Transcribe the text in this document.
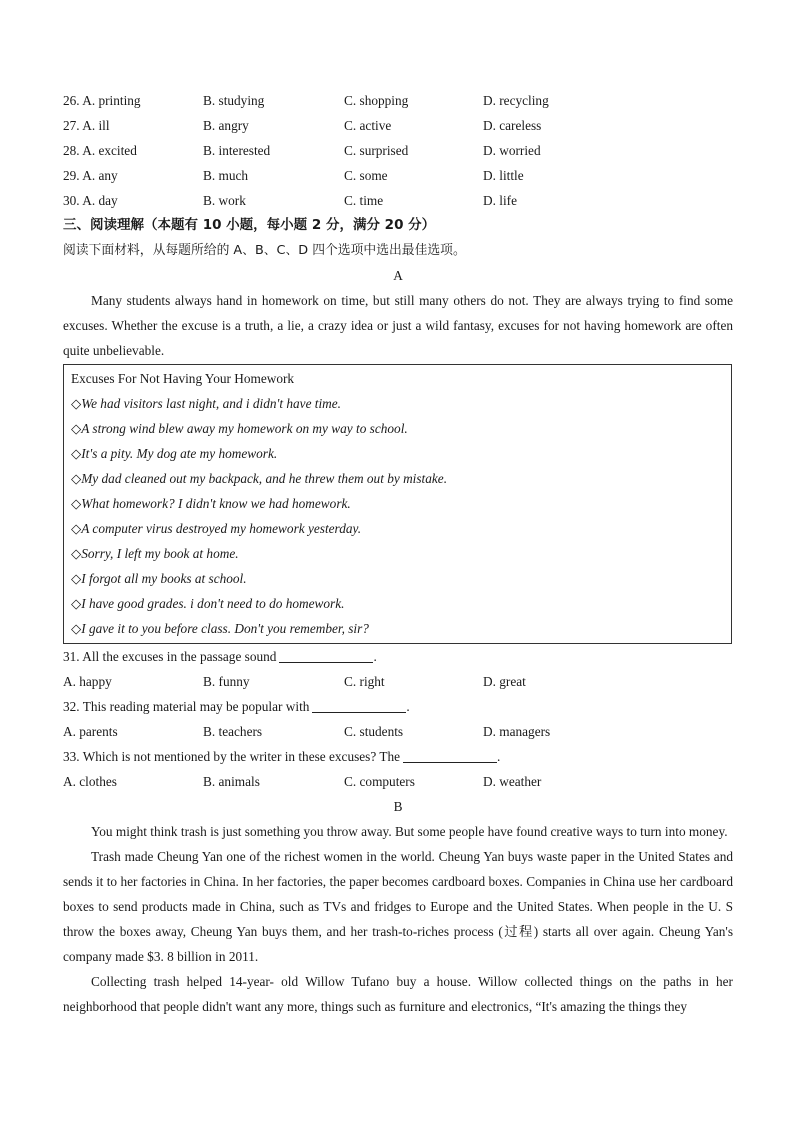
26. A. printing	B. studying	C. shopping	D. recycling
27. A. ill	B. angry	C. active	D. careless
28. A. excited	B. interested	C. surprised	D. worried
29. A. any	B. much	C. some	D. little
30. A. day	B. work	C. time	D. life
三、阅读理解（本题有 10 小题，每小题 2 分，满分 20 分）
阅读下面材料，从每题所给的 A、B、C、D 四个选项中选出最佳选项。
A

Many students always hand in homework on time, but still many others do not. They are always trying to find some excuses. Whether the excuse is a truth, a lie, a crazy idea or just a wild fantasy, excuses for not having homework are often quite unbelievable.

Excuses For Not Having Your Homework
◇We had visitors last night, and i didn't have time.
◇A strong wind blew away my homework on my way to school.
◇It's a pity. My dog ate my homework.
◇My dad cleaned out my backpack, and he threw them out by mistake.
◇What homework? I didn't know we had homework.
◇A computer virus destroyed my homework yesterday.
◇Sorry, I left my book at home.
◇I forgot all my books at school.
◇I have good grades. i don't need to do homework.
◇I gave it to you before class. Don't you remember, sir?
31. All the excuses in the passage sound	.
A. happy	B. funny	C. right	D. great
32. This reading material may be popular with	.
A. parents	B. teachers	C. students	D. managers
33. Which is not mentioned by the writer in these excuses? The	.
A. clothes	B. animals	C. computers	D. weather
B

You might think trash is just something you throw away. But some people have found creative ways to turn into money.

Trash made Cheung Yan one of the richest women in the world. Cheung Yan buys waste paper in the United States and sends it to her factories in China. In her factories, the paper becomes cardboard boxes. Companies in China use her cardboard boxes to send products made in China, such as TVs and fridges to Europe and the United States. When people in the U. S throw the boxes away, Cheung Yan buys them, and her trash-to-riches process (过程) starts all over again. Cheung Yan's company made $3. 8 billion in 2011.

Collecting trash helped 14-year- old Willow Tufano buy a house. Willow collected things on the paths in her neighborhood that people didn't want any more, things such as furniture and electronics, “It's amazing the things they
